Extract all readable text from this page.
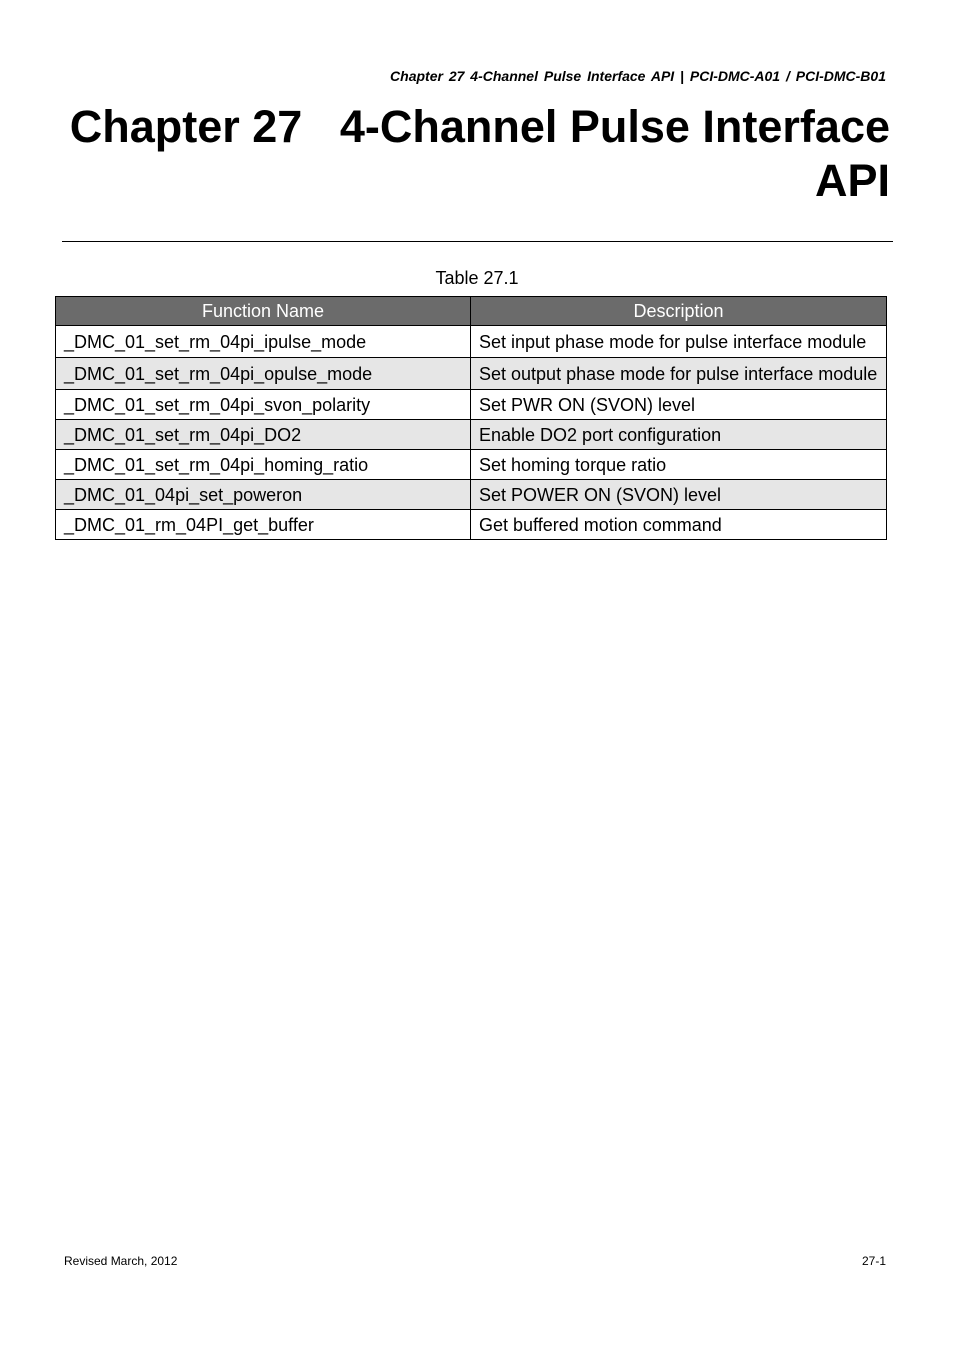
Chapter 27 4-Channel Pulse Interface API | PCI-DMC-A01 / PCI-DMC-B01
Chapter 27   4-Channel Pulse Interface API
Table 27.1
Function Name	Description
_DMC_01_set_rm_04pi_ipulse_mode	Set input phase mode for pulse interface module
_DMC_01_set_rm_04pi_opulse_mode	Set output phase mode for pulse interface module
_DMC_01_set_rm_04pi_svon_polarity	Set PWR ON (SVON) level
_DMC_01_set_rm_04pi_DO2	Enable DO2 port configuration
_DMC_01_set_rm_04pi_homing_ratio	Set homing torque ratio
_DMC_01_04pi_set_poweron	Set POWER ON (SVON) level
_DMC_01_rm_04PI_get_buffer	Get buffered motion command
Revised March, 2012	27-1
